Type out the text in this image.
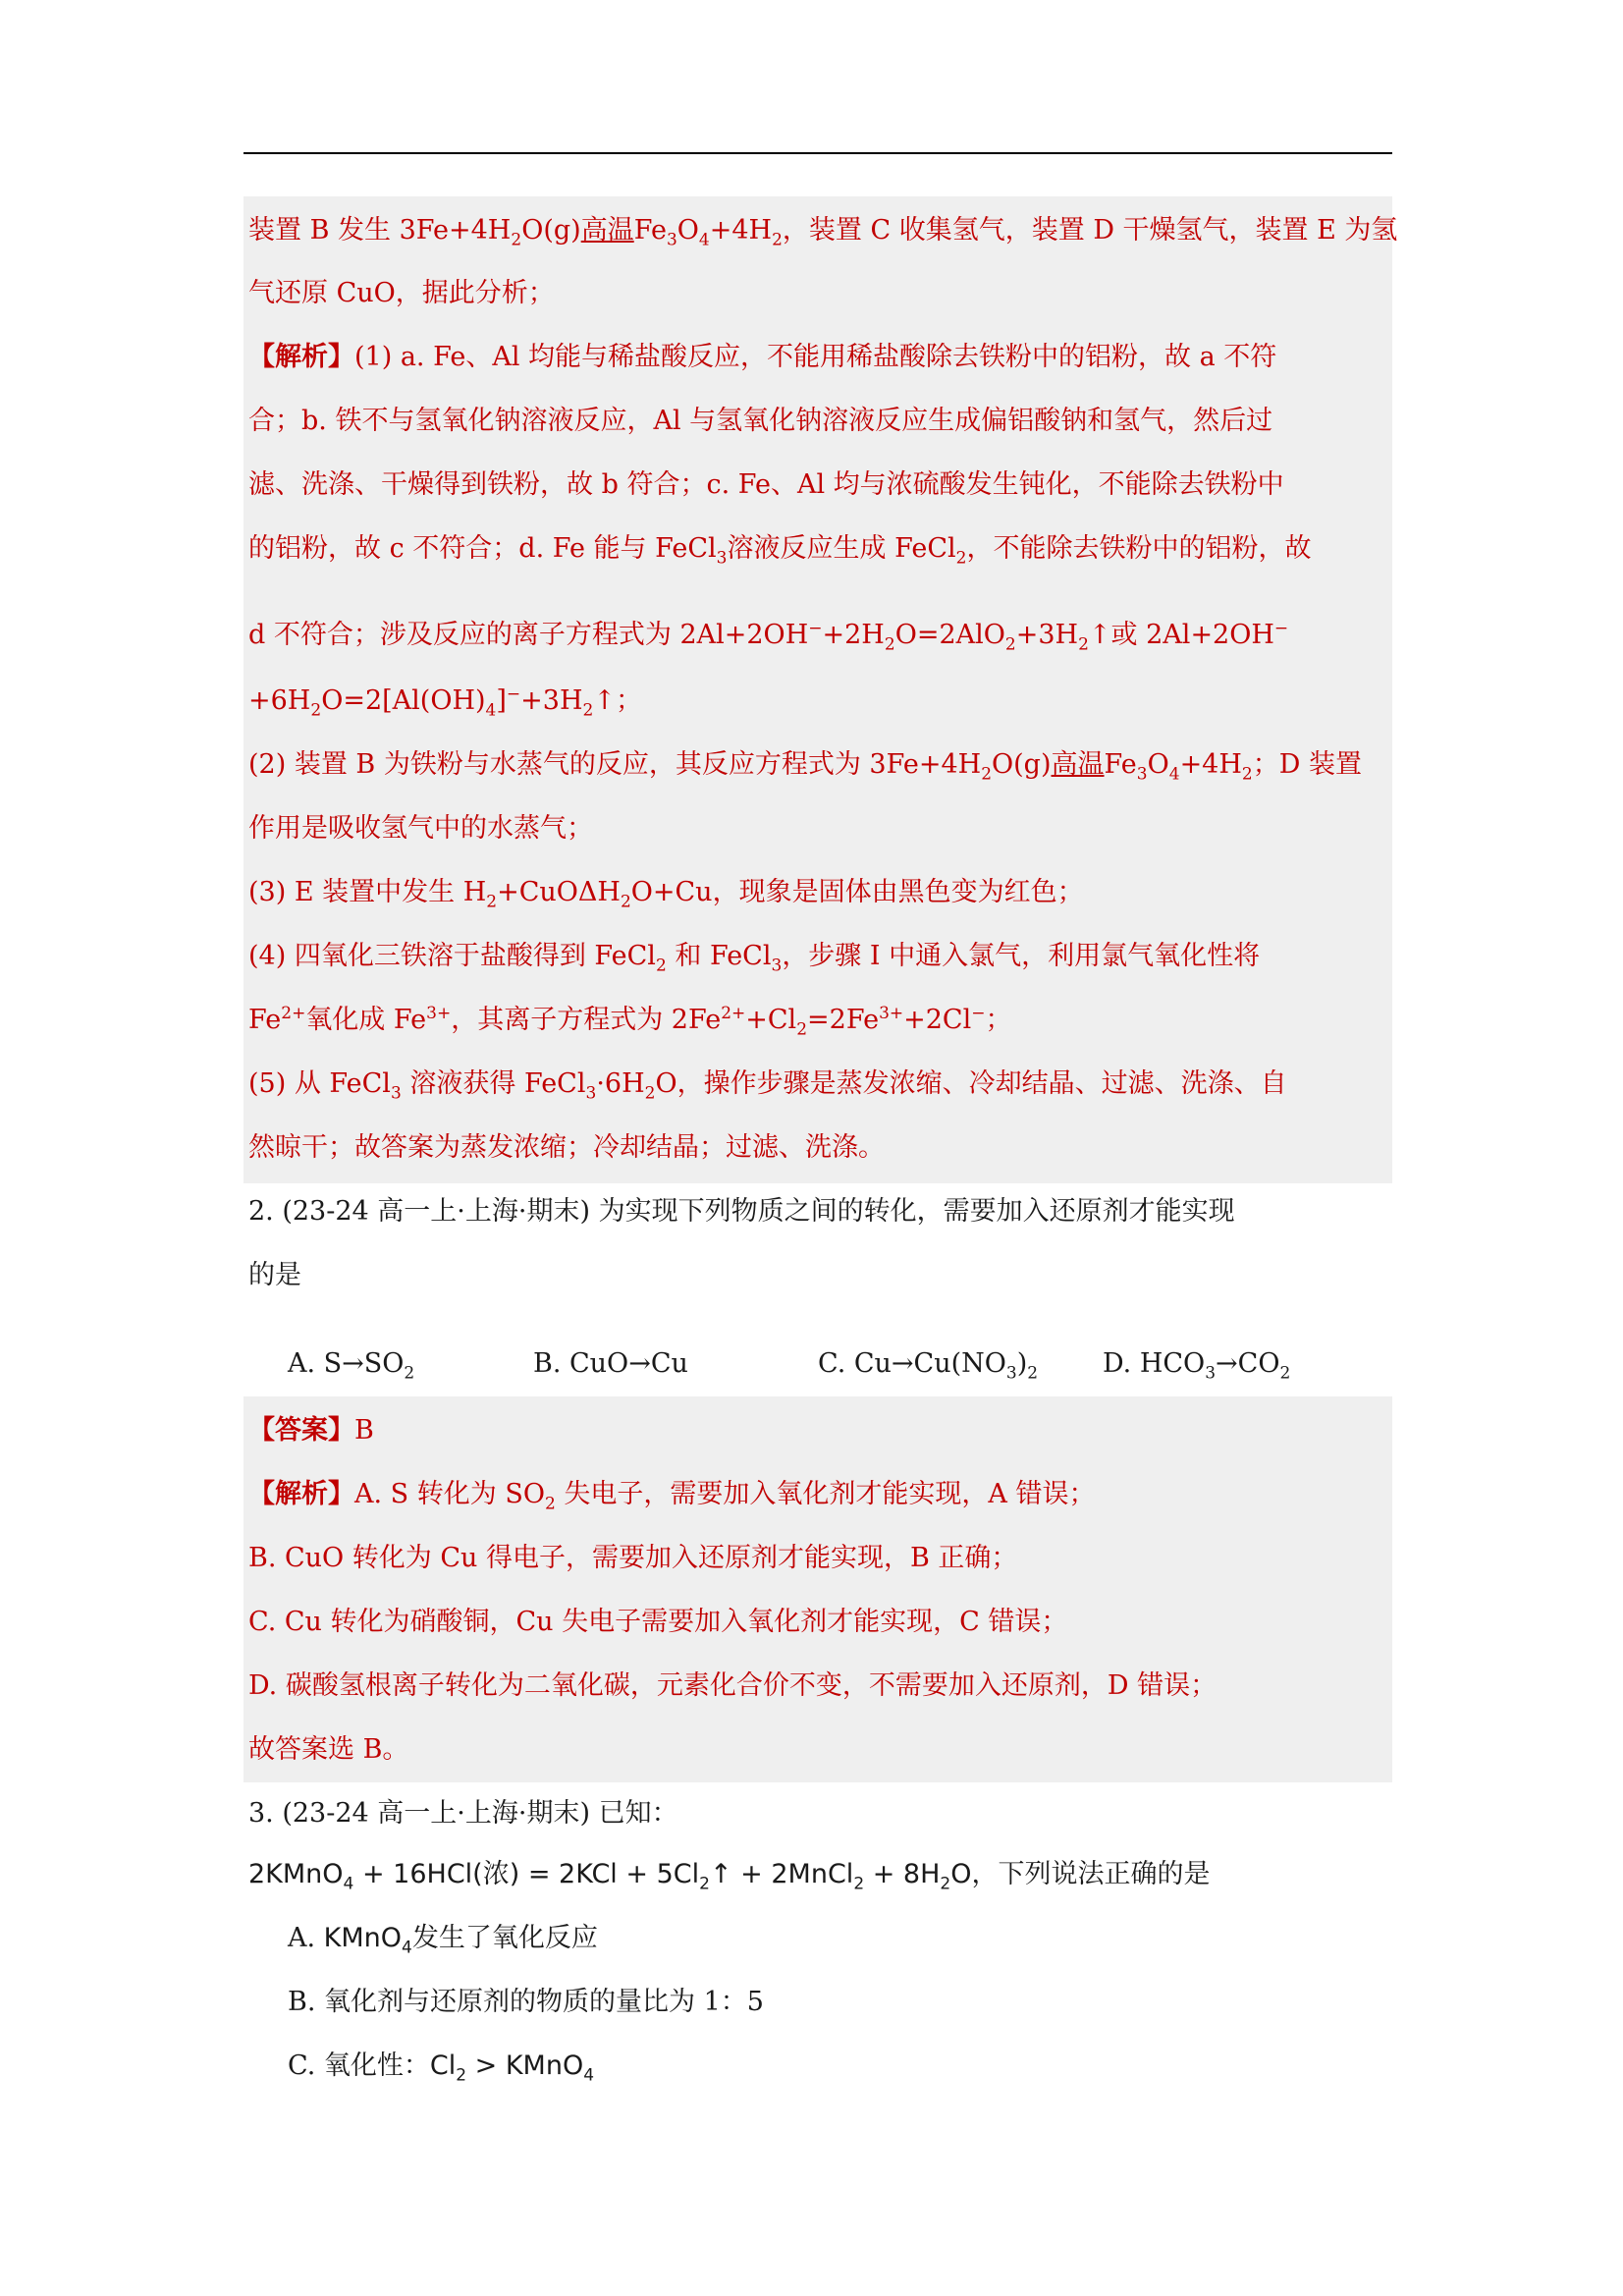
装置 B 发生 $3Fe+4H_2O(g)$高温$Fe_3O_4+4H_2$，装置 C 收集氢气，装置 D 干燥氢气，装置 E 为氢
气还原 CuO，据此分析；
【解析】(1) a. Fe、Al 均能与稀盐酸反应，不能用稀盐酸除去铁粉中的铝粉，故 a 不符
合；b. 铁不与氢氧化钠溶液反应，Al 与氢氧化钠溶液反应生成偏铝酸钠和氢气，然后过
滤、洗涤、干燥得到铁粉，故 b 符合；c. Fe、Al 均与浓硫酸发生钝化，不能除去铁粉中
的铝粉，故 c 不符合；d. Fe 能与 FeCl$_3$溶液反应生成 FeCl$_2$，不能除去铁粉中的铝粉，故
d 不符合；涉及反应的离子方程式为 $2Al+2OH^-+2H_2O=2AlO_2+3H_2↑$或 2Al+2OH−
$+6H_2O=2[Al(OH)_4]^-+3H_2↑$；
(2) 装置 B 为铁粉与水蒸气的反应，其反应方程式为 $3Fe+4H_2O(g)$高温$Fe_3O_4+4H_2$；D 装置
作用是吸收氢气中的水蒸气；
(3) E 装置中发生 $H_2+CuO\Delta H_2O+Cu$，现象是固体由黑色变为红色；
(4) 四氧化三铁溶于盐酸得到 FeCl$_2$ 和 FeCl$_3$，步骤 I 中通入氯气，利用氯气氧化性将
$Fe^{2+}$氧化成 $Fe^{3+}$，其离子方程式为 $2Fe^{2+}+Cl_2=2Fe^{3+}+2Cl^-$；
(5) 从 FeCl$_3$ 溶液获得 $FeCl_3\cdot 6H_2O$，操作步骤是蒸发浓缩、冷却结晶、过滤、洗涤、自
然晾干；故答案为蒸发浓缩；冷却结晶；过滤、洗涤。
2. (23-24 高一上·上海·期末) 为实现下列物质之间的转化，需要加入还原剂才能实现
的是
A. $S\to SO_2$	B. CuO→Cu	C. $Cu\to Cu(NO_3)_2$ D. $HCO_3\to CO_2$
【答案】B
【解析】A. S 转化为 $SO_2$ 失电子，需要加入氧化剂才能实现，A 错误；
B. CuO 转化为 Cu 得电子，需要加入还原剂才能实现，B 正确；
C. Cu 转化为硝酸铜，Cu 失电子需要加入氧化剂才能实现，C 错误；
D. 碳酸氢根离子转化为二氧化碳，元素化合价不变，不需要加入还原剂，D 错误；
故答案选 B。
3. (23-24 高一上·上海·期末) 已知：
2KMnO$_4$ + 16HCl(浓) = $2KCl + 5Cl_2↑$ + 2MnCl$_2$ + $8H_2O$，下列说法正确的是
A. KMnO$_4$发生了氧化反应
B. 氧化剂与还原剂的物质的量比为 1：5
C. 氧化性：$Cl_2$ > KMnO$_4$
